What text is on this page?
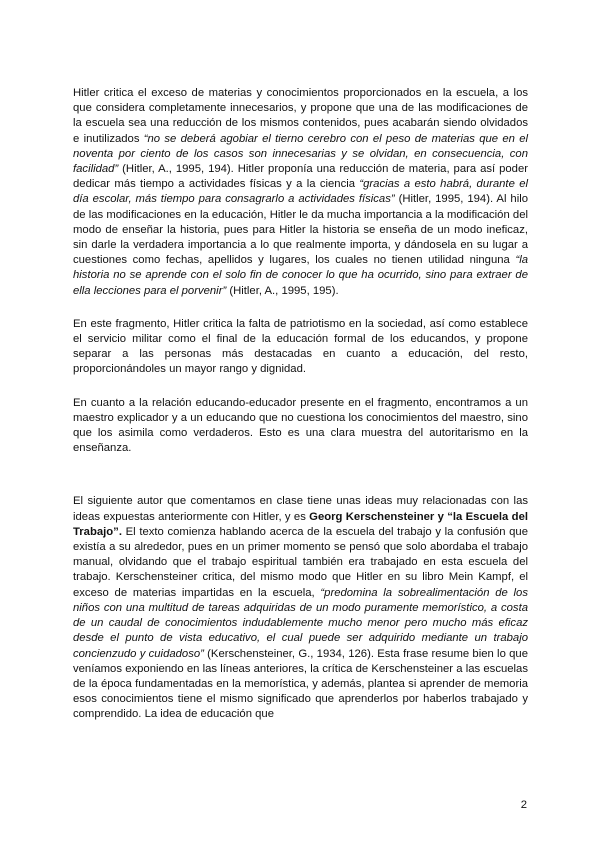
Hitler critica el exceso de materias y conocimientos proporcionados en la escuela, a los que considera completamente innecesarios, y propone que una de las modificaciones de la escuela sea una reducción de los mismos contenidos, pues acabarán siendo olvidados e inutilizados “no se deberá agobiar el tierno cerebro con el peso de materias que en el noventa por ciento de los casos son innecesarias y se olvidan, en consecuencia, con facilidad” (Hitler, A., 1995, 194). Hitler proponía una reducción de materia, para así poder dedicar más tiempo a actividades físicas y a la ciencia “gracias a esto habrá, durante el día escolar, más tiempo para consagrarlo a actividades físicas” (Hitler, 1995, 194). Al hilo de las modificaciones en la educación, Hitler le da mucha importancia a la modificación del modo de enseñar la historia, pues para Hitler la historia se enseña de un modo ineficaz, sin darle la verdadera importancia a lo que realmente importa, y dándosela en su lugar a cuestiones como fechas, apellidos y lugares, los cuales no tienen utilidad ninguna “la historia no se aprende con el solo fin de conocer lo que ha ocurrido, sino para extraer de ella lecciones para el porvenir” (Hitler, A., 1995, 195).

En este fragmento, Hitler critica la falta de patriotismo en la sociedad, así como establece el servicio militar como el final de la educación formal de los educandos, y propone separar a las personas más destacadas en cuanto a educación, del resto, proporcionándoles un mayor rango y dignidad.

En cuanto a la relación educando-educador presente en el fragmento, encontramos a un maestro explicador y a un educando que no cuestiona los conocimientos del maestro, sino que los asimila como verdaderos. Esto es una clara muestra del autoritarismo en la enseñanza.

El siguiente autor que comentamos en clase tiene unas ideas muy relacionadas con las ideas expuestas anteriormente con Hitler, y es Georg Kerschensteiner y “la Escuela del Trabajo”. El texto comienza hablando acerca de la escuela del trabajo y la confusión que existía a su alrededor, pues en un primer momento se pensó que solo abordaba el trabajo manual, olvidando que el trabajo espiritual también era trabajado en esta escuela del trabajo. Kerschensteiner critica, del mismo modo que Hitler en su libro Mein Kampf, el exceso de materias impartidas en la escuela, “predomina la sobrealimentación de los niños con una multitud de tareas adquiridas de un modo puramente memorístico, a costa de un caudal de conocimientos indudablemente mucho menor pero mucho más eficaz desde el punto de vista educativo, el cual puede ser adquirido mediante un trabajo concienzudo y cuidadoso” (Kerschensteiner, G., 1934, 126). Esta frase resume bien lo que veníamos exponiendo en las líneas anteriores, la crítica de Kerschensteiner a las escuelas de la época fundamentadas en la memorística, y además, plantea si aprender de memoria esos conocimientos tiene el mismo significado que aprenderlos por haberlos trabajado y comprendido. La idea de educación que

2
